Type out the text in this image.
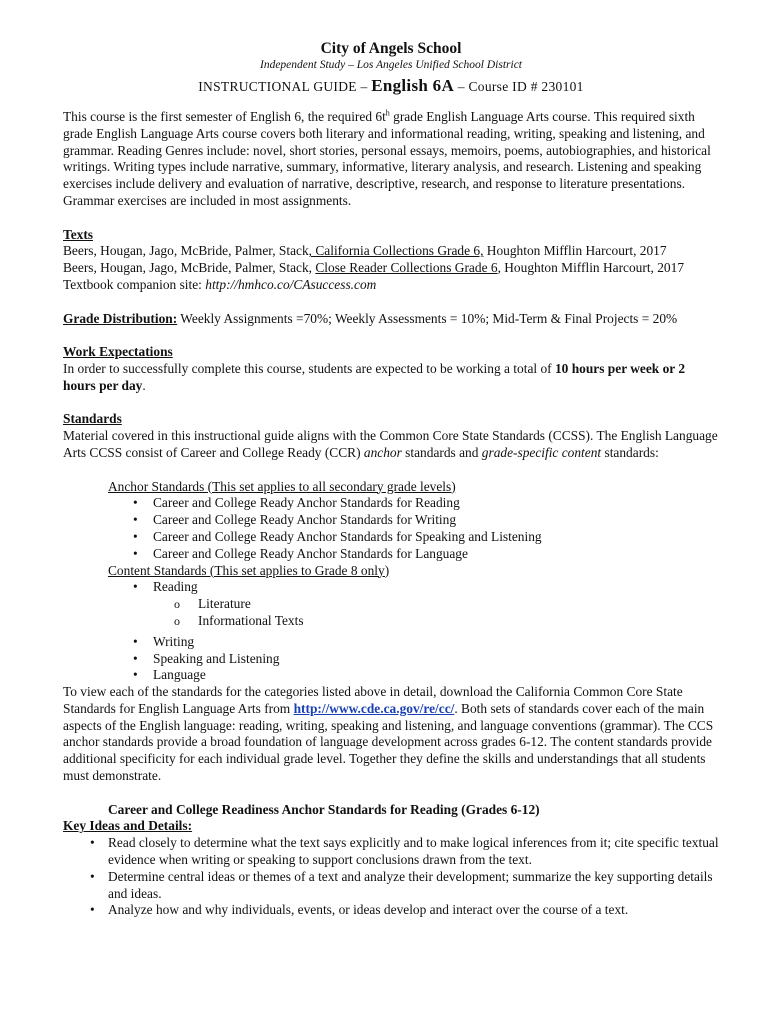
City of Angels School
Independent Study – Los Angeles Unified School District
INSTRUCTIONAL GUIDE – English 6A – Course ID # 230101

This course is the first semester of English 6, the required $6t^h$ grade English Language Arts course. This required sixth grade English Language Arts course covers both literary and informational reading, writing, speaking and listening, and grammar. Reading Genres include: novel, short stories, personal essays, memoirs, poems, autobiographies, and historical writings. Writing types include narrative, summary, informative, literary analysis, and research. Listening and speaking exercises include delivery and evaluation of narrative, descriptive, research, and response to literature presentations. Grammar exercises are included in most assignments.

Texts

Beers, Hougan, Jago, McBride, Palmer, Stack, California Collections Grade 6, Houghton Mifflin Harcourt, 2017

Beers, Hougan, Jago, McBride, Palmer, Stack, Close Reader Collections Grade 6, Houghton Mifflin Harcourt, 2017

Textbook companion site: http://hmhco.co/CAsuccess.com

Grade Distribution: Weekly Assignments =70%; Weekly Assessments = 10%; Mid-Term & Final Projects = 20%

Work Expectations

In order to successfully complete this course, students are expected to be working a total of 10 hours per week or 2 hours per day.

Standards

Material covered in this instructional guide aligns with the Common Core State Standards (CCSS). The English Language Arts CCSS consist of Career and College Ready (CCR) anchor standards and grade-specific content standards:

Anchor Standards (This set applies to all secondary grade levels)

• Career and College Ready Anchor Standards for Reading
• Career and College Ready Anchor Standards for Writing
• Career and College Ready Anchor Standards for Speaking and Listening
• Career and College Ready Anchor Standards for Language

Content Standards (This set applies to Grade 8 only)

• Reading
o Literature
o Informational Texts
• Writing
• Speaking and Listening
• Language

To view each of the standards for the categories listed above in detail, download the California Common Core State Standards for English Language Arts from http://www.cde.ca.gov/re/cc/. Both sets of standards cover each of the main aspects of the English language: reading, writing, speaking and listening, and language conventions (grammar). The CCS anchor standards provide a broad foundation of language development across grades 6-12. The content standards provide additional specificity for each individual grade level. Together they define the skills and understandings that all students must demonstrate.

Career and College Readiness Anchor Standards for Reading (Grades 6-12)

Key Ideas and Details:

• Read closely to determine what the text says explicitly and to make logical inferences from it; cite specific textual evidence when writing or speaking to support conclusions drawn from the text.
• Determine central ideas or themes of a text and analyze their development; summarize the key supporting details and ideas.
• Analyze how and why individuals, events, or ideas develop and interact over the course of a text.
